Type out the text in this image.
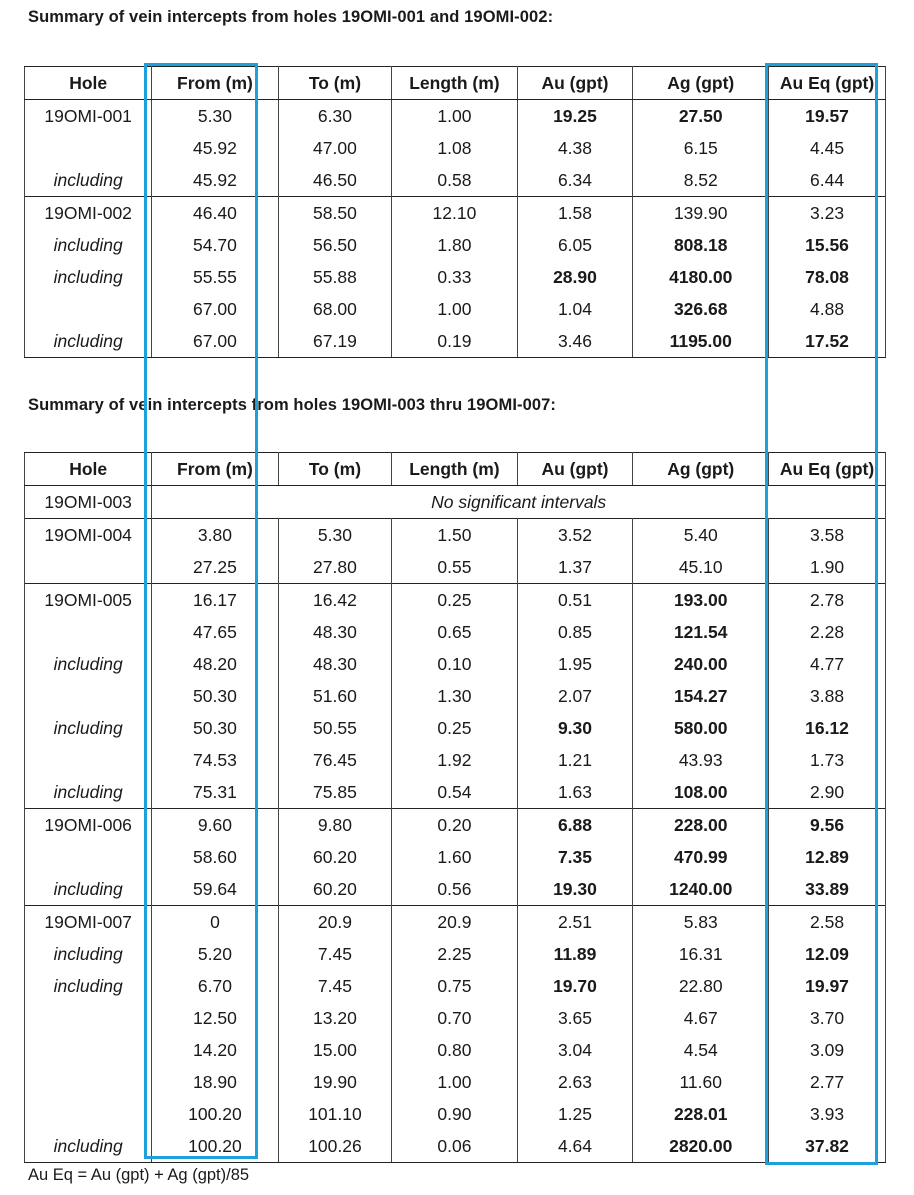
Summary of vein intercepts from holes 19OMI-001 and 19OMI-002:
Hole	From (m)	To (m)	Length (m)	Au (gpt)	Ag (gpt)	Au Eq (gpt)
19OMI-001	5.30	6.30	1.00	19.25	27.50	19.57
	45.92	47.00	1.08	4.38	6.15	4.45
including	45.92	46.50	0.58	6.34	8.52	6.44
19OMI-002	46.40	58.50	12.10	1.58	139.90	3.23
including	54.70	56.50	1.80	6.05	808.18	15.56
including	55.55	55.88	0.33	28.90	4180.00	78.08
	67.00	68.00	1.00	1.04	326.68	4.88
including	67.00	67.19	0.19	3.46	1195.00	17.52
Summary of vein intercepts from holes 19OMI-003 thru 19OMI-007:
Hole	From (m)	To (m)	Length (m)	Au (gpt)	Ag (gpt)	Au Eq (gpt)
19OMI-003	No significant intervals					
19OMI-004	3.80	5.30	1.50	3.52	5.40	3.58
	27.25	27.80	0.55	1.37	45.10	1.90
19OMI-005	16.17	16.42	0.25	0.51	193.00	2.78
	47.65	48.30	0.65	0.85	121.54	2.28
including	48.20	48.30	0.10	1.95	240.00	4.77
	50.30	51.60	1.30	2.07	154.27	3.88
including	50.30	50.55	0.25	9.30	580.00	16.12
	74.53	76.45	1.92	1.21	43.93	1.73
including	75.31	75.85	0.54	1.63	108.00	2.90
19OMI-006	9.60	9.80	0.20	6.88	228.00	9.56
	58.60	60.20	1.60	7.35	470.99	12.89
including	59.64	60.20	0.56	19.30	1240.00	33.89
19OMI-007	0	20.9	20.9	2.51	5.83	2.58
including	5.20	7.45	2.25	11.89	16.31	12.09
including	6.70	7.45	0.75	19.70	22.80	19.97
	12.50	13.20	0.70	3.65	4.67	3.70
	14.20	15.00	0.80	3.04	4.54	3.09
	18.90	19.90	1.00	2.63	11.60	2.77
	100.20	101.10	0.90	1.25	228.01	3.93
including	100.20	100.26	0.06	4.64	2820.00	37.82
Au Eq = Au (gpt) + Ag (gpt)/85
